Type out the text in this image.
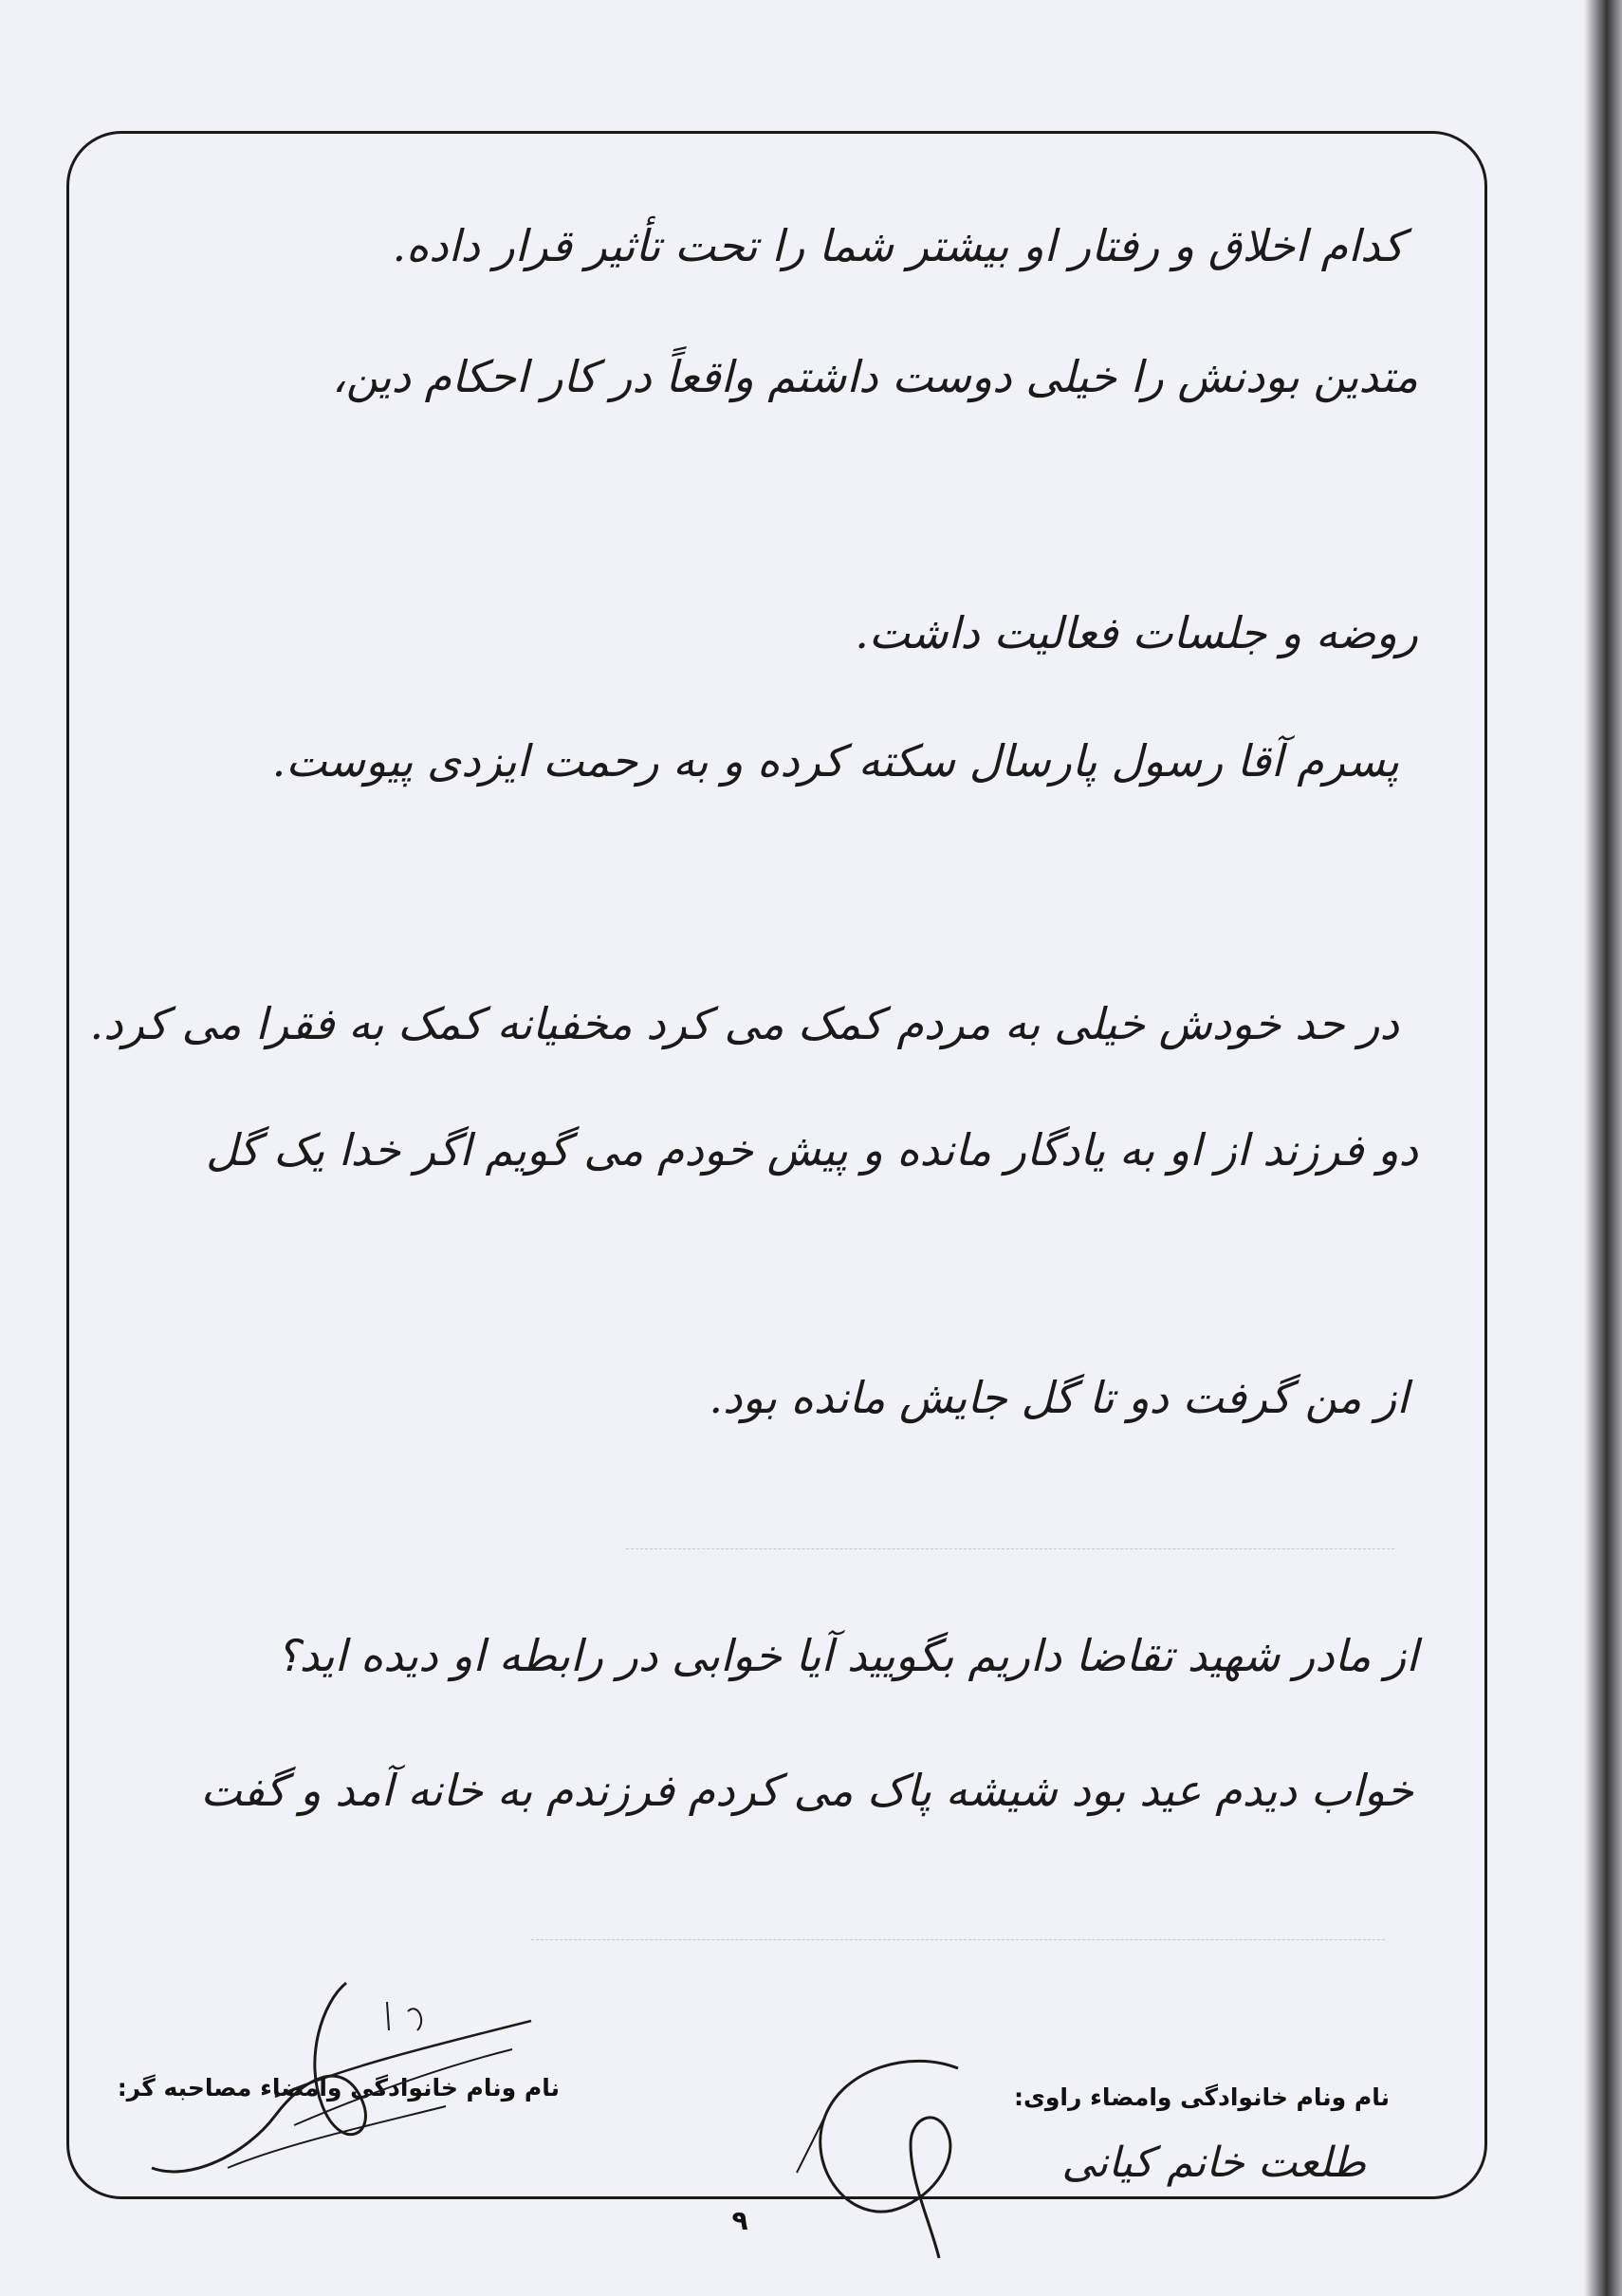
کدام اخلاق و رفتار او بیشتر شما را تحت تأثیر قرار داده.
متدین بودنش را خیلی دوست داشتم واقعاً در کار احکام دین،
روضه و جلسات فعالیت داشت.
پسرم آقا رسول پارسال سکته کرده و به رحمت ایزدی پیوست.
در حد خودش خیلی به مردم کمک می کرد مخفیانه کمک به فقرا می کرد.
دو فرزند از او به یادگار مانده و پیش خودم می گویم اگر خدا یک گل
از من گرفت دو تا گل جایش مانده بود.
از مادر شهید تقاضا داریم بگویید آیا خوابی در رابطه او دیده اید؟
خواب دیدم عید بود شیشه پاک می کردم فرزندم به خانه آمد و گفت
نام ونام خانوادگی وامضاء راوی:
طلعت خانم کیانی
نام ونام خانوادگی وامضاء مصاحبه گر:
۹
